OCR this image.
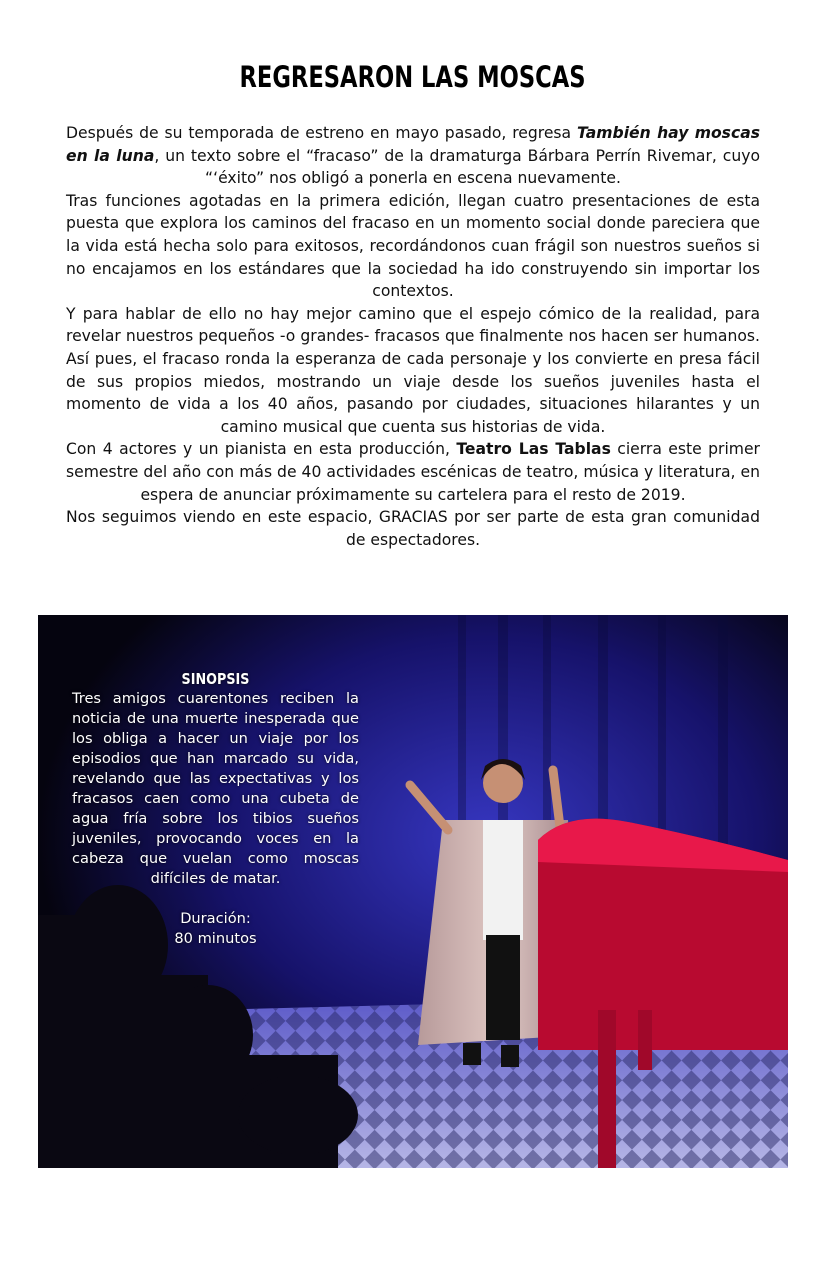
REGRESARON LAS MOSCAS

Después de su temporada de estreno en mayo pasado, regresa También hay moscas en la luna, un texto sobre el “fracaso” de la dramaturga Bárbara Perrín Rivemar, cuyo “‘éxito” nos obligó a ponerla en escena nuevamente.

Tras funciones agotadas en la primera edición, llegan cuatro presentaciones de esta puesta que explora los caminos del fracaso en un momento social donde pareciera que la vida está hecha solo para exitosos, recordándonos cuan frágil son nuestros sueños si no encajamos en los estándares que la sociedad ha ido construyendo sin importar los contextos.

Y para hablar de ello no hay mejor camino que el espejo cómico de la realidad, para revelar nuestros pequeños -o grandes- fracasos que finalmente nos hacen ser humanos. Así pues, el fracaso ronda la esperanza de cada personaje y los convierte en presa fácil de sus propios miedos, mostrando un viaje desde los sueños juveniles hasta el momento de vida a los 40 años, pasando por ciudades, situaciones hilarantes y un camino musical que cuenta sus historias de vida.

Con 4 actores y un pianista en esta producción, Teatro Las Tablas cierra este primer semestre del año con más de 40 actividades escénicas de teatro, música y literatura, en espera de anunciar próximamente su cartelera para el resto de 2019.

Nos seguimos viendo en este espacio, GRACIAS por ser parte de esta gran comunidad de espectadores.

SINOPSIS
Tres amigos cuarentones reciben la noticia de una muerte inesperada que los obliga a hacer un viaje por los episodios que han marcado su vida, revelando que las expectativas y los fracasos caen como una cubeta de agua fría sobre los tibios sueños juveniles, provocando voces en la cabeza que vuelan como moscas difíciles de matar.
Duración:
80 minutos
